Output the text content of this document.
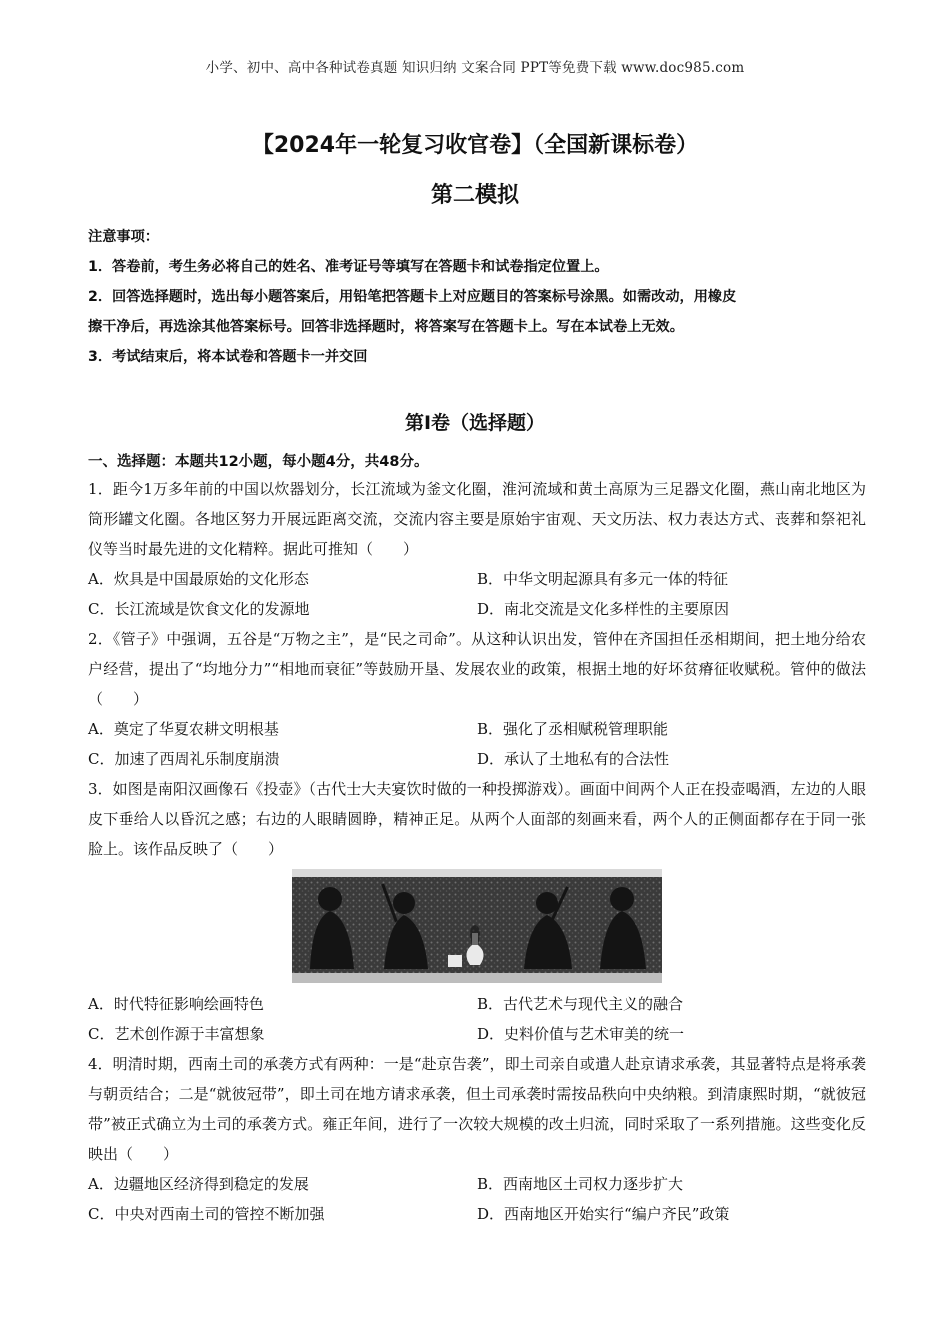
小学、初中、高中各种试卷真题 知识归纳 文案合同 PPT等免费下载 www.doc985.com
【2024年一轮复习收官卷】（全国新课标卷）
第二模拟
注意事项：
1．答卷前，考生务必将自己的姓名、准考证号等填写在答题卡和试卷指定位置上。
2．回答选择题时，选出每小题答案后，用铅笔把答题卡上对应题目的答案标号涂黑。如需改动，用橡皮
擦干净后，再选涂其他答案标号。回答非选择题时，将答案写在答题卡上。写在本试卷上无效。
3．考试结束后，将本试卷和答题卡一并交回
第I卷（选择题）
一、选择题：本题共12小题，每小题4分，共48分。
1．距今1万多年前的中国以炊器划分，长江流域为釜文化圈，淮河流域和黄土高原为三足器文化圈，燕山南北地区为筒形罐文化圈。各地区努力开展远距离交流，交流内容主要是原始宇宙观、天文历法、权力表达方式、丧葬和祭祀礼仪等当时最先进的文化精粹。据此可推知（　　）
A．炊具是中国最原始的文化形态	B．中华文明起源具有多元一体的特征
C．长江流域是饮食文化的发源地	D．南北交流是文化多样性的主要原因
2．《管子》中强调，五谷是“万物之主”，是“民之司命”。从这种认识出发，管仲在齐国担任丞相期间，把土地分给农户经营，提出了“均地分力”“相地而衰征”等鼓励开垦、发展农业的政策，根据土地的好坏贫瘠征收赋税。管仲的做法（　　）
A．奠定了华夏农耕文明根基	B．强化了丞相赋税管理职能
C．加速了西周礼乐制度崩溃	D．承认了土地私有的合法性
3．如图是南阳汉画像石《投壶》（古代士大夫宴饮时做的一种投掷游戏）。画面中间两个人正在投壶喝酒，左边的人眼皮下垂给人以昏沉之感；右边的人眼睛圆睁，精神正足。从两个人面部的刻画来看，两个人的正侧面都存在于同一张脸上。该作品反映了（　　）
A．时代特征影响绘画特色	B．古代艺术与现代主义的融合
C．艺术创作源于丰富想象	D．史料价值与艺术审美的统一
4．明清时期，西南土司的承袭方式有两种：一是“赴京告袭”，即土司亲自或遣人赴京请求承袭，其显著特点是将承袭与朝贡结合；二是“就彼冠带”，即土司在地方请求承袭，但土司承袭时需按品秩向中央纳粮。到清康熙时期，“就彼冠带”被正式确立为土司的承袭方式。雍正年间，进行了一次较大规模的改土归流，同时采取了一系列措施。这些变化反映出（　　）
A．边疆地区经济得到稳定的发展	B．西南地区土司权力逐步扩大
C．中央对西南土司的管控不断加强	D．西南地区开始实行“编户齐民”政策
